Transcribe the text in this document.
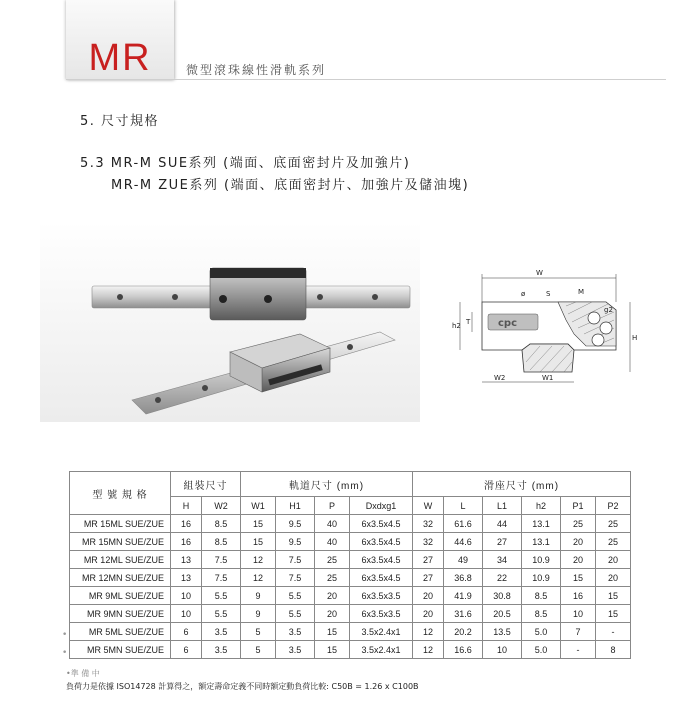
MR	微型滾珠線性滑軌系列
5. 尺寸規格
5.3 MR-M SUE系列 (端面、底面密封片及加強片)
MR-M ZUE系列 (端面、底面密封片、加強片及儲油塊)
W
cpc
ø	S	M
g2
h2 T
H
W2	W1
•
•
型 號 規 格	組裝尺寸		軌道尺寸 (mm)				滑座尺寸 (mm)					
	H	W2	W1	H1	P	Dxdxg1	W	L	L1	h2	P1	P2
MR 15ML SUE/ZUE	16	8.5	15	9.5	40	6x3.5x4.5	32	61.6	44	13.1	25	25
MR 15MN SUE/ZUE	16	8.5	15	9.5	40	6x3.5x4.5	32	44.6	27	13.1	20	25
MR 12ML SUE/ZUE	13	7.5	12	7.5	25	6x3.5x4.5	27	49	34	10.9	20	20
MR 12MN SUE/ZUE	13	7.5	12	7.5	25	6x3.5x4.5	27	36.8	22	10.9	15	20
MR 9ML SUE/ZUE	10	5.5	9	5.5	20	6x3.5x3.5	20	41.9	30.8	8.5	16	15
MR 9MN SUE/ZUE	10	5.5	9	5.5	20	6x3.5x3.5	20	31.6	20.5	8.5	10	15
MR 5ML SUE/ZUE	6	3.5	5	3.5	15	3.5x2.4x1	12	20.2	13.5	5.0	7	-
MR 5MN SUE/ZUE	6	3.5	5	3.5	15	3.5x2.4x1	12	16.6	10	5.0	-	8
•準 備 中
負荷力是依據 ISO14728 計算得之，額定壽命定義不同時額定動負荷比較: C50B = 1.26 x C100B
